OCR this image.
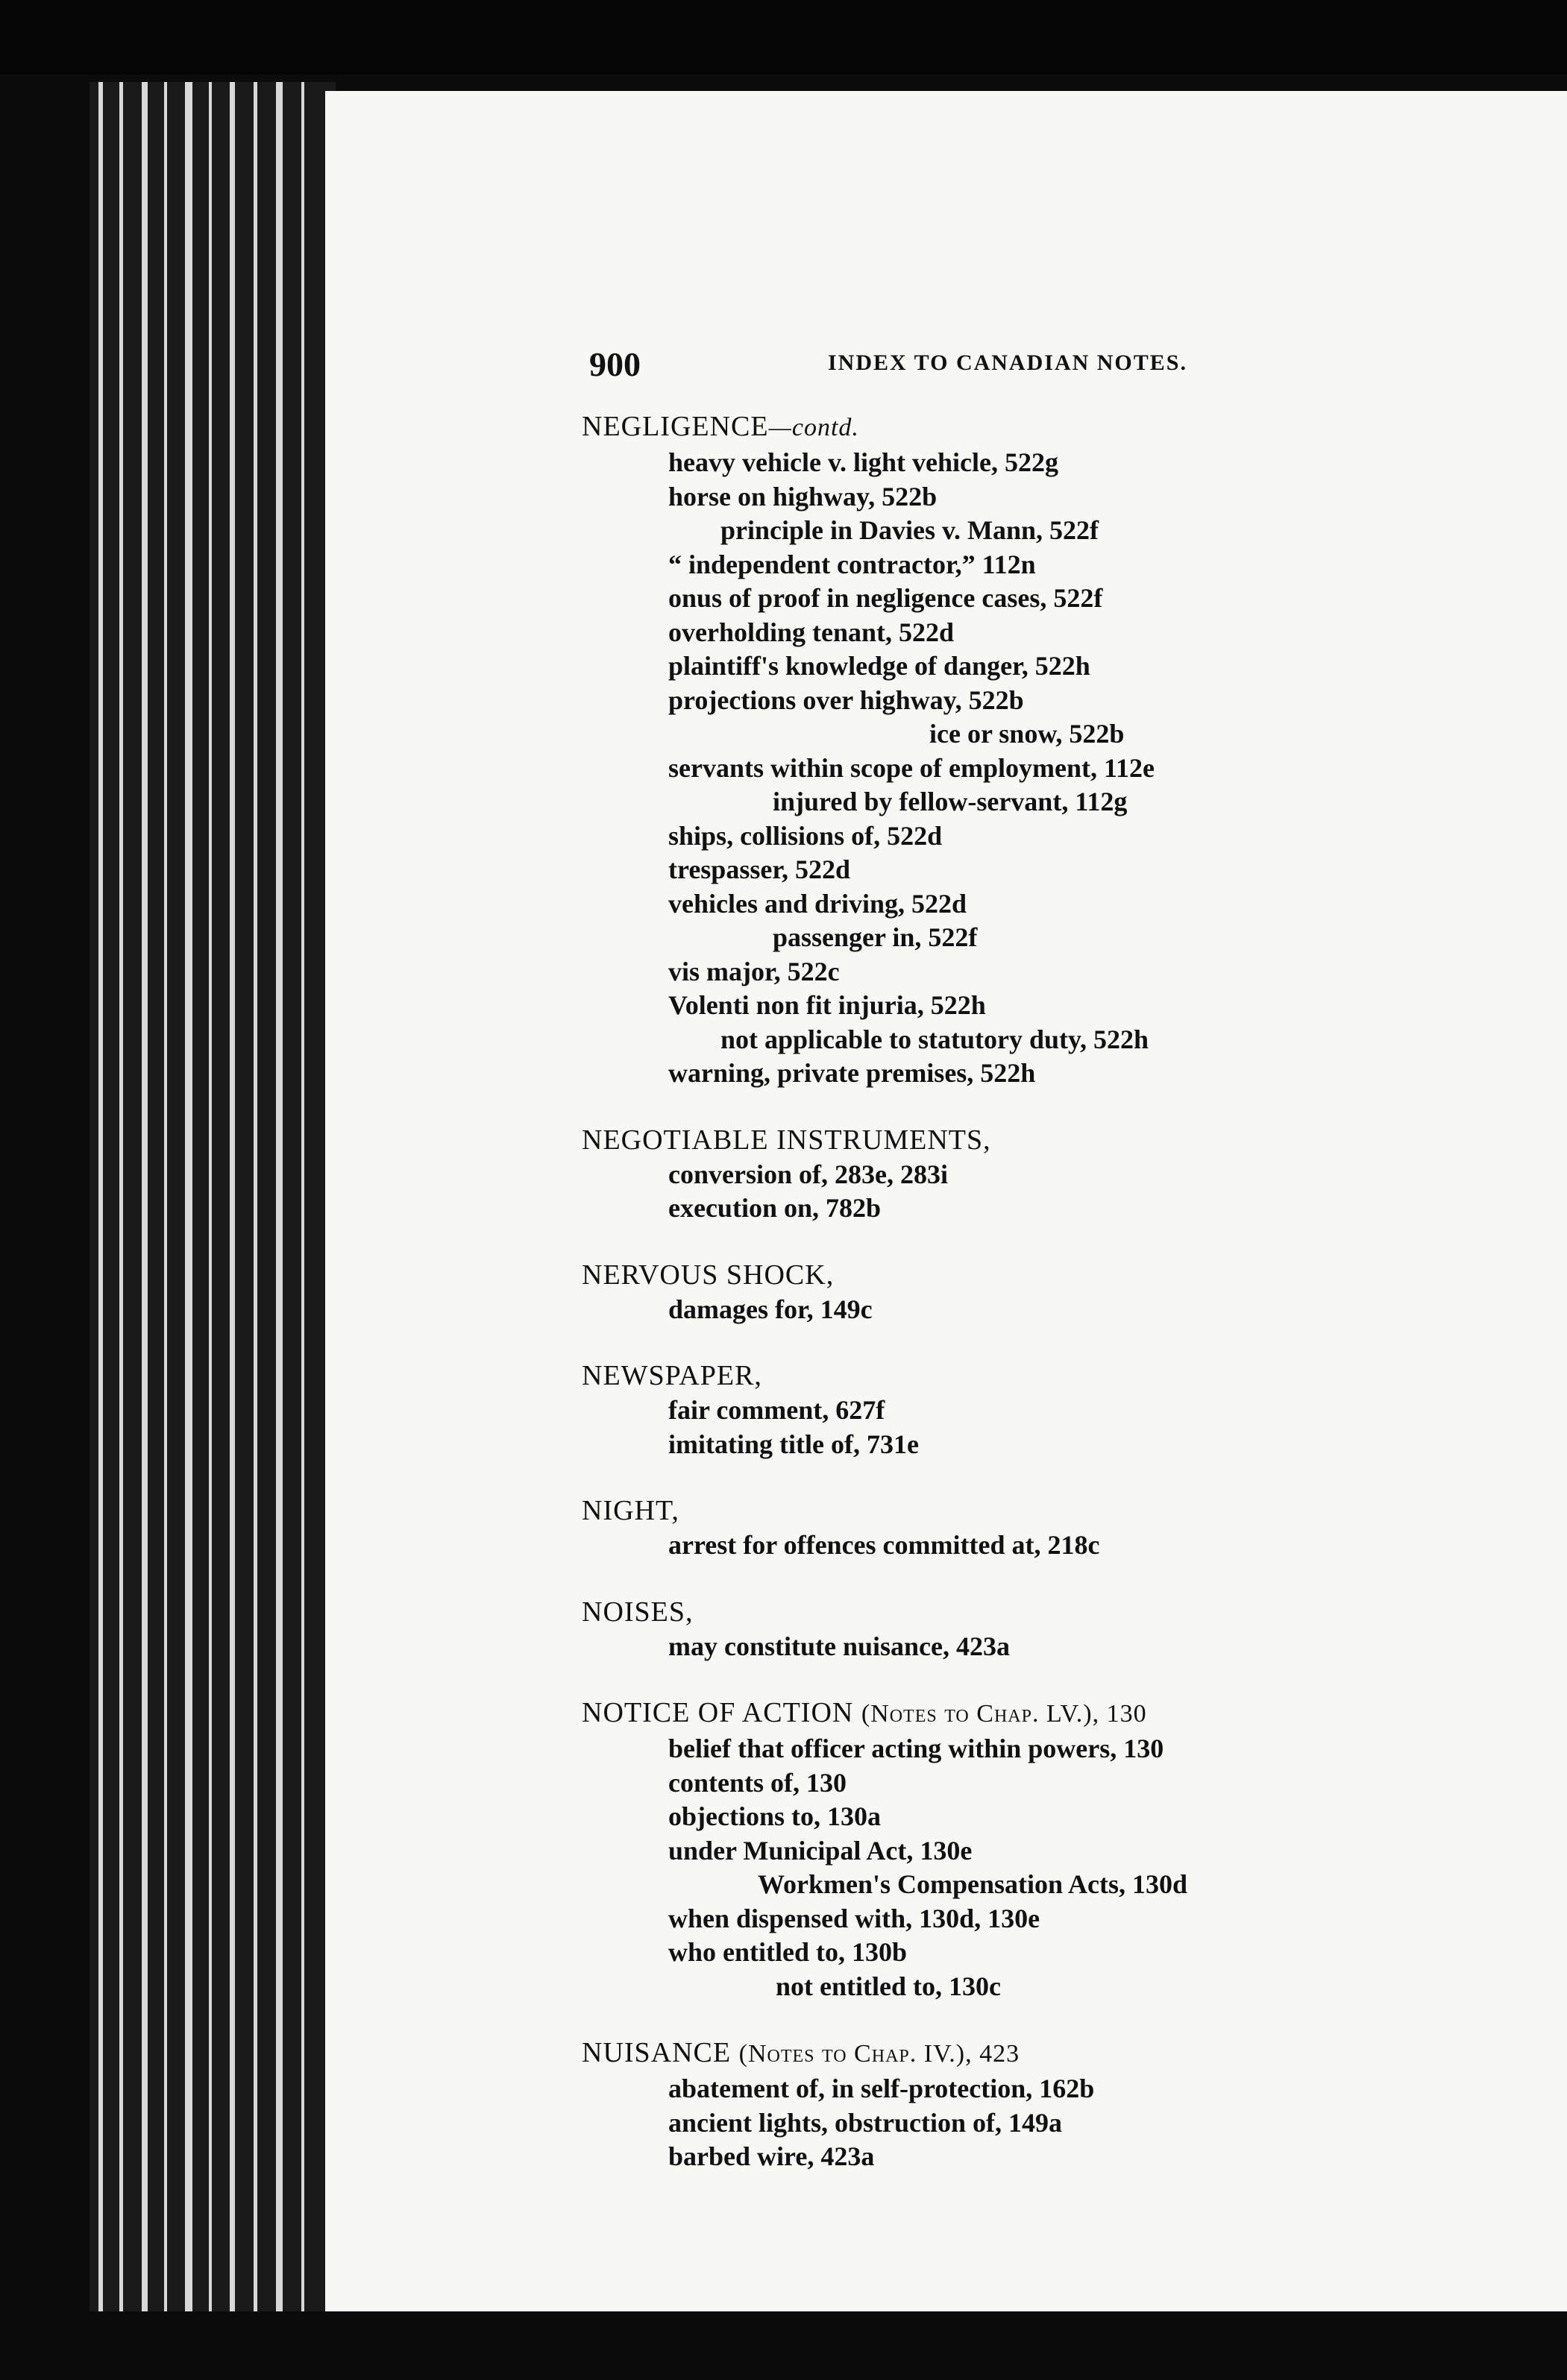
900	INDEX TO CANADIAN NOTES.
NEGLIGENCE—contd.
heavy vehicle v. light vehicle, 522g
horse on highway, 522b
principle in Davies v. Mann, 522f
“ independent contractor,” 112n
onus of proof in negligence cases, 522f
overholding tenant, 522d
plaintiff's knowledge of danger, 522h
projections over highway, 522b
ice or snow, 522b
servants within scope of employment, 112e
injured by fellow-servant, 112g
ships, collisions of, 522d
trespasser, 522d
vehicles and driving, 522d
passenger in, 522f
vis major, 522c
Volenti non fit injuria, 522h
not applicable to statutory duty, 522h
warning, private premises, 522h
NEGOTIABLE INSTRUMENTS,
conversion of, 283e, 283i
execution on, 782b
NERVOUS SHOCK,
damages for, 149c
NEWSPAPER,
fair comment, 627f
imitating title of, 731e
NIGHT,
arrest for offences committed at, 218c
NOISES,
may constitute nuisance, 423a
NOTICE OF ACTION (Notes to Chap. LV.), 130
belief that officer acting within powers, 130
contents of, 130
objections to, 130a
under Municipal Act, 130e
Workmen's Compensation Acts, 130d
when dispensed with, 130d, 130e
who entitled to, 130b
not entitled to, 130c
NUISANCE (Notes to Chap. IV.), 423
abatement of, in self-protection, 162b
ancient lights, obstruction of, 149a
barbed wire, 423a
